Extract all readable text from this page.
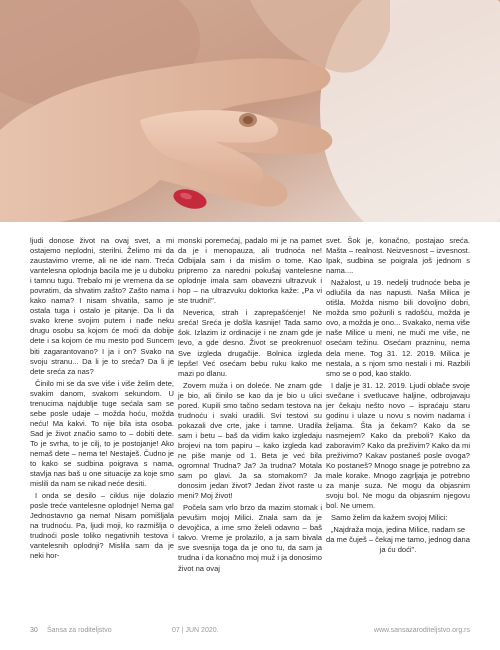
ljudi donose život na ovaj svet, a mi ostajemo neplodni, sterilni. Želimo mi da zaustavimo vreme, ali ne ide nam. Treća vantelesna oplodnja bacila me je u duboku i tamnu tugu. Trebalo mi je vremena da se povratim, da shvatim zašto? Zašto nama i kako nama? I nisam shvatila, samo je ostala tuga i ostalo je pitanje. Da li da svako krene svojim putem i nađe neku drugu osobu sa kojom će moći da dobije dete i sa kojom će mu mesto pod Suncem biti zagarantovano? I ja i on? Svako na svoju stranu... Da li je to sreća? Da li je dete sreća za nas?

Činilo mi se da sve više i više želim dete, svakim danom, svakom sekundom. U trenucima najdublje tuge sećala sam se sebe posle udaje – možda hoću, možda neću! Ma kakvi. To nije bila ista osoba. Sad je život značio samo to – dobiti dete. To je svrha, to je cilj, to je postojanje! Ako nemaš dete – nema te! Nestaješ. Čudno je to kako se sudbina poigrava s nama, stavlja nas baš u one situacije za koje smo mislili da nam se nikad neće desiti.

I onda se desilo – ciklus nije dolazio posle treće vantelesne oplodnje! Nema ga! Jednostavno ga nema! Nisam pomišljala na trudnoću. Pa, ljudi moji, ko razmišlja o trudnoći posle toliko negativnih testova i vantelesnih oplodnji? Mislila sam da je neki hor-

monski poremećaj, padalo mi je na pamet da je i menopauza, ali trudnoća ne! Odbijala sam i da mislim o tome. Kao pripremo za naredni pokušaj vantelesne oplodnje imala sam obavezni ultrazvuk i hop – na ultrazvuku doktorka kaže: „Pa vi ste trudni!".

Neverica, strah i zaprepašćenje! Ne sreća! Sreća je došla kasnije! Tada samo šok. Izlazim iz ordinacije i ne znam gde je levo, a gde desno. Život se preokrenuo! Sve izgleda drugačije. Bolnica izgleda lepše! Već osećam bebu ruku kako me mazi po dlanu.

Zovem muža i on doleće. Ne znam gde je bio, ali činilo se kao da je bio u ulici pored. Kupili smo tačno sedam testova na trudnoću i svaki uradili. Svi testovi su pokazali dve crte, jake i tamne. Uradila sam i betu – baš da vidim kako izgledaju brojevi na tom papiru – kako izgleda kad ne piše manje od 1. Beta je već bila ogromna! Trudna? Ja? Ja trudna? Motala sam po glavi. Ja sa stomakom? Ja donosim jedan život? Jedan život raste u meni? Moj život!

Počela sam vrlo brzo da mazim stomak i pevušim mojoj Milici. Znala sam da je devojčica, a ime smo želeli odavno – baš takvo. Vreme je prolazilo, a ja sam bivala sve svesnija toga da je ono tu, da sam ja trudna i da konačno moj muž i ja donosimo život na ovaj

svet. Šok je, konačno, postajao sreća. Mašta – realnost. Neizvesnost – izvesnost. Ipak, sudbina se poigrala još jednom s nama....

Nažalost, u 19. nedelji trudnoće beba je odlučila da nas napusti. Naša Milica je otišla. Možda nismo bili dovoljno dobri, možda smo požurili s radošću, možda je ovo, a možda je ono... Svakako, nema više naše Milice u meni, ne muči me više, ne osećam težinu. Osećam prazninu, nema dela mene. Tog 31. 12. 2019. Milica je nestala, a s njom smo nestali i mi. Razbili smo se o pod, kao staklo.

I dalje je 31. 12. 2019. Ljudi oblače svoje svečane i svetlucave haljine, odbrojavaju jer čekaju nešto novo – ispraćaju staru godinu i ulaze u novu s novim nadama i željama. Šta ja čekam? Kako da se nasmejem? Kako da preboli? Kako da zaboravim? Kako da preživim? Kako da mi preživimo? Kakav postaneš posle ovoga? Ko postaneš? Mnogo snage je potrebno za male korake. Mnogo zagrljaja je potrebno za manje suza. Ne mogu da objasnim svoju bol. Ne mogu da objasnim njegovu bol. Ne umem.

Samo želim da kažem svojoj Milici:

„Najdraža moja, jedina Milice, nadam se da me čuješ – čekaj me tamo, jednog dana ja ću doći".

30 Šansa za roditeljstvo	07 | JUN 2020.	www.sansazaroditeljstvo.org.rs
